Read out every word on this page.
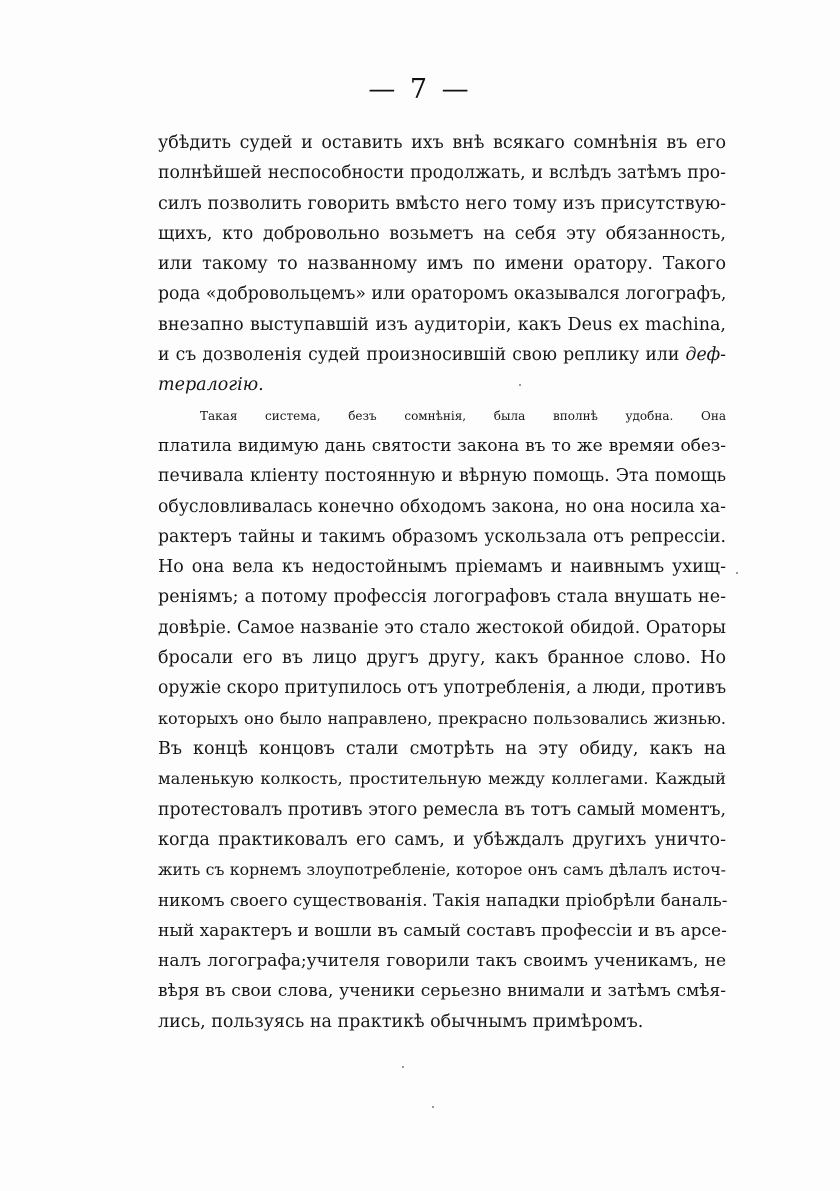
— 7 —
убѣдить судей и оставить ихъ внѣ всякаго сомнѣнія въ его
полнѣйшей неспособности продолжать, и вслѣдъ затѣмъ про-
силъ позволить говорить вмѣсто него тому изъ присутствую-
щихъ, кто добровольно возьметъ на себя эту обязанность,
или такому то названному имъ по имени оратору. Такого
рода «добровольцемъ» или ораторомъ оказывался логографъ,
внезапно выступавшій изъ аудиторіи, какъ Deus ex machina,
и съ дозволенія судей произносившій свою реплику или деф-
тералогію.
Такая система, безъ сомнѣнія, была вполнѣ удобна. Она
платила видимую дань святости закона въ то же времяи обез-
печивала кліенту постоянную и вѣрную помощь. Эта помощь
обусловливалась конечно обходомъ закона, но она носила ха-
рактеръ тайны и такимъ образомъ ускользала отъ репрессіи.
Но она вела къ недостойнымъ пріемамъ и наивнымъ ухищ-
реніямъ; а потому профессія логографовъ стала внушать не-
довѣріе. Самое названіе это стало жестокой обидой. Ораторы
бросали его въ лицо другъ другу, какъ бранное слово. Но
оружіе скоро притупилось отъ употребленія, а люди, противъ
которыхъ оно было направлено, прекрасно пользовались жизнью.
Въ концѣ концовъ стали смотрѣть на эту обиду, какъ на
маленькую колкость, простительную между коллегами. Каждый
протестовалъ противъ этого ремесла въ тотъ самый моментъ,
когда практиковалъ его самъ, и убѣждалъ другихъ уничто-
жить съ корнемъ злоупотребленіе, которое онъ самъ дѣлалъ источ-
никомъ своего существованія. Такія нападки пріобрѣли баналь-
ный характеръ и вошли въ самый составъ профессіи и въ арсе-
налъ логографа;учителя говорили такъ своимъ ученикамъ, не
вѣря въ свои слова, ученики серьезно внимали и затѣмъ смѣя-
лись, пользуясь на практикѣ обычнымъ примѣромъ.
